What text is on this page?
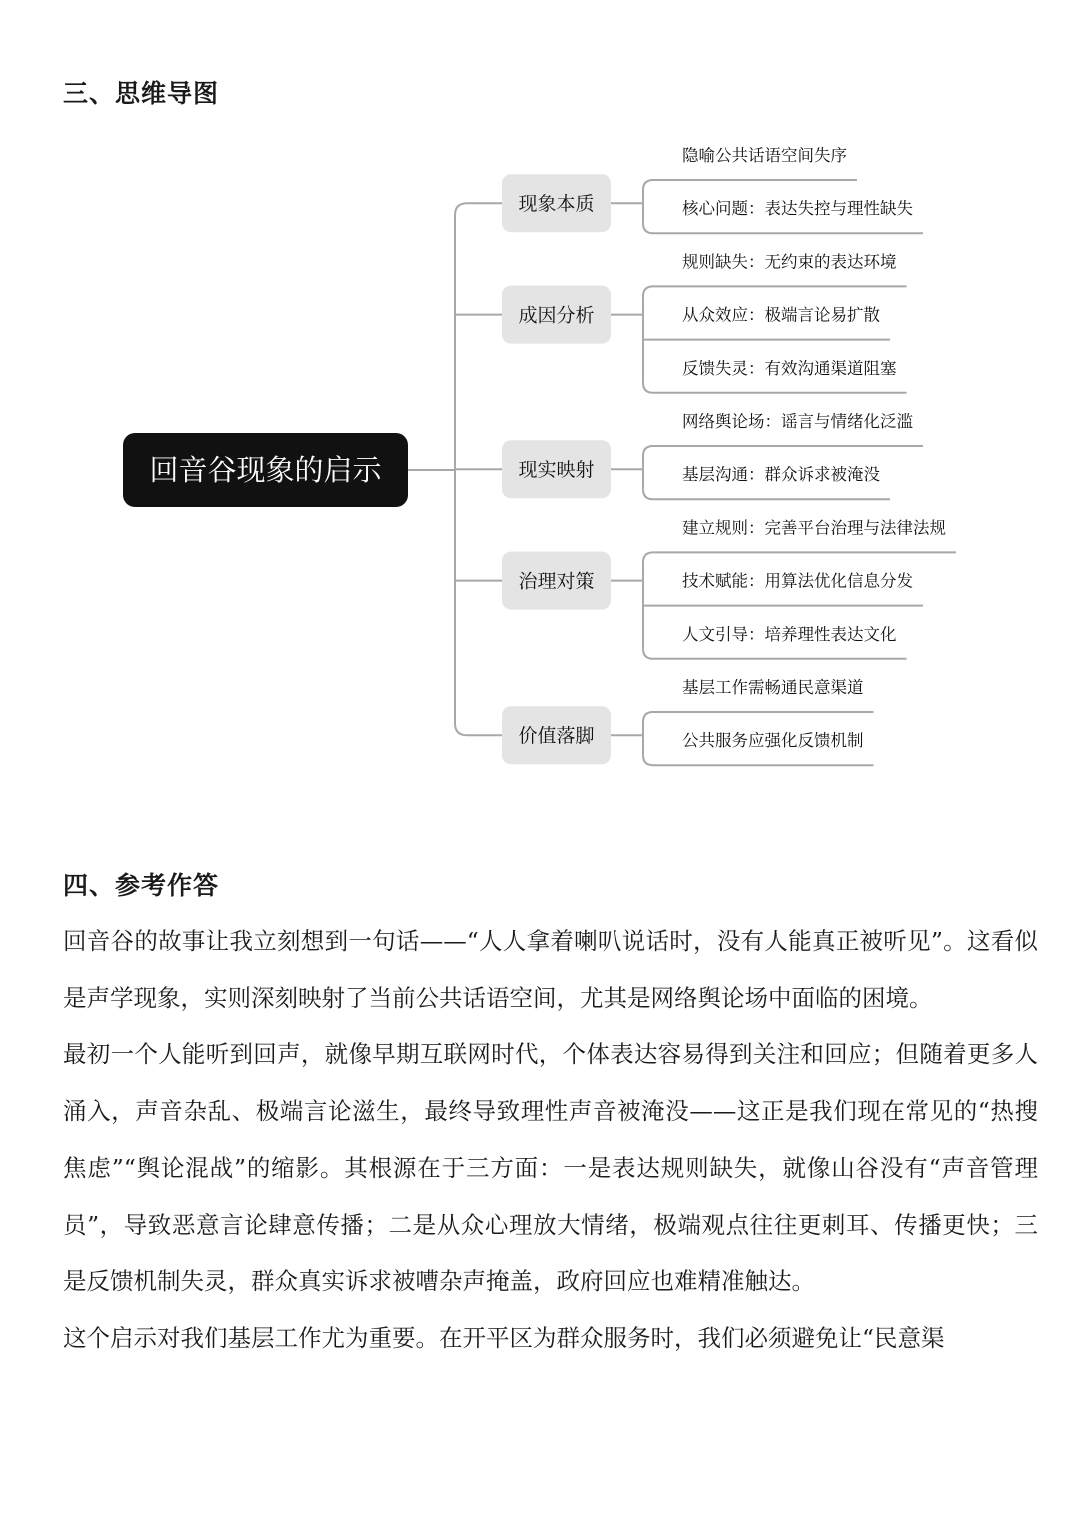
三、思维导图
回音谷现象的启示
现象本质
隐喻公共话语空间失序
核心问题：表达失控与理性缺失
成因分析
规则缺失：无约束的表达环境
从众效应：极端言论易扩散
反馈失灵：有效沟通渠道阻塞
现实映射
网络舆论场：谣言与情绪化泛滥
基层沟通：群众诉求被淹没
治理对策
建立规则：完善平台治理与法律法规
技术赋能：用算法优化信息分发
人文引导：培养理性表达文化
价值落脚
基层工作需畅通民意渠道
公共服务应强化反馈机制
四、参考作答

回音谷的故事让我立刻想到一句话——“人人拿着喇叭说话时，没有人能真正被听见”。这看似是声学现象，实则深刻映射了当前公共话语空间，尤其是网络舆论场中面临的困境。

最初一个人能听到回声，就像早期互联网时代，个体表达容易得到关注和回应；但随着更多人涌入，声音杂乱、极端言论滋生，最终导致理性声音被淹没——这正是我们现在常见的“热搜焦虑”“舆论混战”的缩影。其根源在于三方面：一是表达规则缺失，就像山谷没有“声音管理员”，导致恶意言论肆意传播；二是从众心理放大情绪，极端观点往往更刺耳、传播更快；三是反馈机制失灵，群众真实诉求被嘈杂声掩盖，政府回应也难精准触达。

这个启示对我们基层工作尤为重要。在开平区为群众服务时，我们必须避免让“民意渠
